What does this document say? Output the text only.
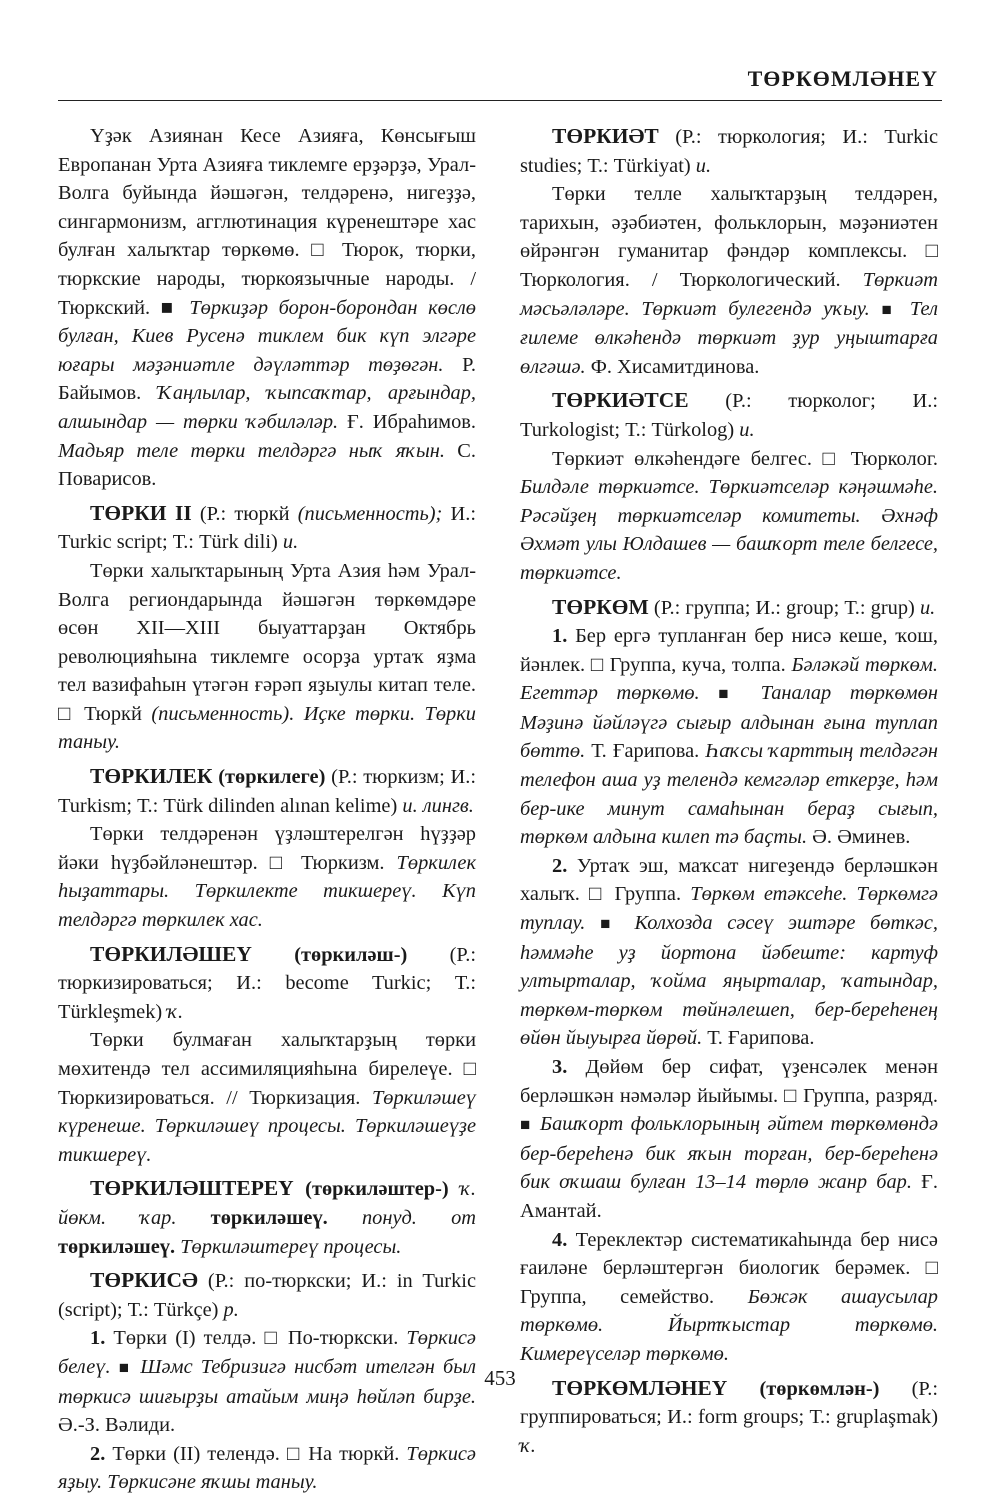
ТӨРКӨМЛӘНЕҮ

Үҙәк Азиянан Кесе Азияға, Көнсығыш Европанан Урта Азияға тиклемге ерҙәрҙә, Урал-Волга буйында йәшәгән, телдәренә, нигеҙҙә, сингармонизм, агглютинация күренештәре хас булған халыҡтар төркөмө. □ Тюрок, тюрки, тюркские народы, тюркоязычные народы. / Тюркский. ■ Төркиҙәр борон-борондан көслө булған, Киев Русенә тиклем бик күп элгәре юғары мәҙәниәтле дәүләттәр төҙөгән. Р. Байымов. Ҡаңлылар, ҡыпсаҡтар, арғындар, алшындар — төрки ҡәбиләләр. Ғ. Ибраһимов. Мадьяр теле төрки телдәргә ныҡ яҡын. С. Поварисов.

ТӨРКИ II (Р.: тюркй (письменность); И.: Turkic script; Т.: Türk dili) и.

Төрки халыҡтарының Урта Азия һәм Урал-Волга региондарында йәшәгән төркөмдәре өсөн XII—XIII быуаттарҙан Октябрь революцияһына тиклемге осорҙа уртаҡ яҙма тел вазифаһын үтәгән ғәрәп яҙыулы китап теле. □ Тюркй (письменность). Иҫке төрки. Төрки таныу.

ТӨРКИЛЕК (төркилеге) (Р.: тюркизм; И.: Turkism; Т.: Türk dilinden alınan kelime) и. лингв.

Төрки телдәренән үҙләштерелгән һүҙҙәр йәки һүҙбәйләнештәр. □ Тюркизм. Төркилек һыҙаттары. Төркилекте тикшереү. Күп телдәргә төркилек хас.

ТӨРКИЛӘШЕҮ (төркиләш-) (Р.: тюркизироваться; И.: become Turkic; Т.: Türkleşmek) ҡ.

Төрки булмаған халыҡтарҙың төрки мөхитендә тел ассимиляцияһына бирелеүе. □ Тюркизироваться. // Тюркизация. Төркиләшеү күренеше. Төркиләшеү процесы. Төркиләшеүҙе тикшереү.

ТӨРКИЛӘШТЕРЕҮ (төркиләштер-) ҡ. йөкм. ҡар. төркиләшеү. понуд. от төркиләшеү. Төркиләштереү процесы.

ТӨРКИСӘ (Р.: по-тюркски; И.: in Turkic (script); Т.: Türkçe) р.

1. Төрки (I) телдә. □ По-тюркски. Төркисә белеү. ■ Шәмс Тебризигә нисбәт ителгән был төркисә шиғырҙы атайым миңә һөйләп бирҙе. Ә.-З. Вәлиди.

2. Төрки (II) телендә. □ На тюркй. Төркисә яҙыу. Төркисәне яҡшы таныу.

ТӨРКИӘТ (Р.: тюркология; И.: Turkic studies; Т.: Türkiyat) и.

Төрки телле халыҡтарҙың телдәрен, тарихын, әҙәбиәтен, фольклорын, мәҙәниәтен өйрәнгән гуманитар фәндәр комплексы. □ Тюркология. / Тюркологический. Төркиәт мәсьәләләре. Төркиәт булегендә уҡыу. ■ Тел ғилеме өлкәһендә төркиәт ҙур уңыштарға өлгәшә. Ф. Хисамитдинова.

ТӨРКИӘТСЕ (Р.: тюрколог; И.: Turkologist; Т.: Türkolog) и.

Төркиәт өлкәһендәге белгес. □ Тюрколог. Билдәле төркиәтсе. Төркиәтселәр кәңәшмәһе. Рәсәйҙең төркиәтселәр комитеты. Әхнәф Әхмәт улы Юлдашев — башҡорт теле белгесе, төркиәтсе.

ТӨРКӨМ (Р.: группа; И.: group; Т.: grup) и.

1. Бер ергә тупланған бер нисә кеше, ҡош, йәнлек. □ Группа, куча, толпа. Бәләкәй төркөм. Егеттәр төркөмө. ■ Таналар төркөмөн Мәҙинә йәйләүгә сығыр алдынан ғына туплап бөттө. Т. Ғарипова. Һаҡсы ҡарттың телдәгән телефон аша уҙ телендә кемгәләр еткерҙе, һәм бер-ике минут самаһынан бераҙ сығып, төркөм алдына килеп тә баҫты. Ә. Әминев.

2. Уртаҡ эш, маҡсат нигеҙендә берләшкән халыҡ. □ Группа. Төркөм етәксеһе. Төркөмгә туплау. ■ Колхозда сәсеү эштәре бөткәс, һәммәһе уҙ йортона йәбеште: картуф ултырталар, ҡойма яңырталар, ҡатындар, төркөм-төркөм төйнәлешеп, бер-береһенең өйөн йыуырға йөрөй. Т. Ғарипова.

3. Дөйөм бер сифат, үҙенсәлек менән берләшкән нәмәләр йыйымы. □ Группа, разряд. ■ Башҡорт фольклорының әйтем төркөмөндә бер-береһенә бик яҡын торған, бер-береһенә бик оҡшаш булған 13–14 төрлө жанр бар. Ғ. Амантай.

4. Тереклектәр систематикаһында бер нисә ғаиләне берләштергән биологик берәмек. □ Группа, семейство. Бөжәк ашаусылар төркөмө. Йыртҡыстар төркөмө. Кимереүселәр төркөмө.

ТӨРКӨМЛӘНЕҮ (төркөмлән-) (Р.: группироваться; И.: form groups; Т.: gruplaşmak) ҡ.

453
